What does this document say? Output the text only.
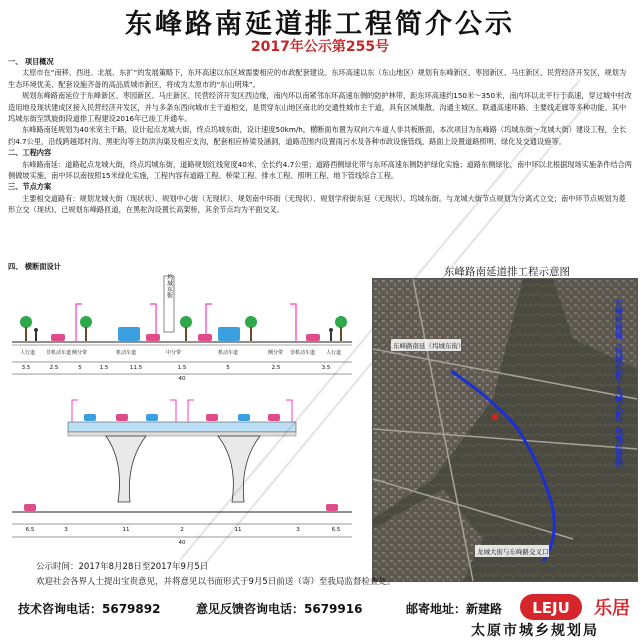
东峰路南延道排工程简介公示
2017年公示第255号

一、 项目概况

太原市在“南移、西进、北展、东扩”的发展策略下，东环高速以东区域需要相应的市政配套建设。东环高速以东（东山地区）规划有东峰新区、枣园新区、马庄新区、民营经济开发区，规划为生态环境优美、配套设施齐备的高品质城市新区，将成为太原市的“东山明珠”。

规划东峰路南延位于东峰新区、枣园新区、马庄新区、民营经济开发区西边缘，南内环以南紧邻东环高速东侧的防护林带，距东环高速约150米～350米，南内环以北平行于高速，穿过城中村改造用地及现状建成区接入民营经济开发区，并与多条东西向城市主干道相交，是贯穿东山地区南北的交通性城市主干道，具有区域集散、沟通主城区、联通高速环路、主要线走廊等多种功能。其中坞城东街至凯旋街段道排工程建设2016年已竣工并通车。

东峰路南延规划为40米宽主干路，设计起点龙城大街，终点坞城东街，设计速度50km/h，横断面布置为双向六车道人非共板断面，本次项目为东峰路（坞城东街～龙城大街）建设工程，全长约4.7公里，沿线跨越郑村沟、黑驼沟等主防洪沟渠及相应支沟，配套相应桥梁及涵洞，道路范围内设置雨污水及各种市政设施管线，路面上设置道路照明、绿化及交通设施等。

二、工程内容

东峰路南延：道路起点龙城大街，终点坞城东街，道路规划红线宽度40米，全长约4.7公里；道路西侧绿化带与东环高速东侧防护绿化实施；道路东侧绿化，南中环以北根据现场实施条件结合两侧做坡实施，南中环以南按照15米绿化实施，工程内容有道路工程、桥梁工程、排水工程、照明工程、地下管线综合工程。

三、节点方案

主要相交道路有：规划龙城大街（现状状）、规划中心街（无现状）、规划南中环街（无现状）、规划学府街东延（无现状）、坞城东街。与龙城大街节点规划为分离式立交；南中环节点规划为菱形立交（现状)，已规划东峰路匝道，在黑驼沟设置长高架桥，其余节点均为平面交叉。

四、 横断面设计
坞城东街
人行道 非机动车道 侧分带	机动车道	中分带	机动车道	侧分带 非机动车道 人行道
3.5	2.5	5	1.5	11.5	1.5	5	2.5	3.5
40
6.5	3	11	2	11	3	6.5
40
东峰路南延道排工程示意图
东峰路南延（坞城东街）
龙城大街与东峰路交叉口
东峰路南延（坞城东街～龙城大街）规划位置图
公示时间：2017年8月28日至2017年9月5日
欢迎社会各界人士提出宝贵意见，并将意见以书面形式于9月5日前送（寄）至我局监督检查处。
技术咨询电话：5679892	意见反馈咨询电话：5679916	邮寄地址：新建路
太原市城乡规划局
LEJU 乐居
